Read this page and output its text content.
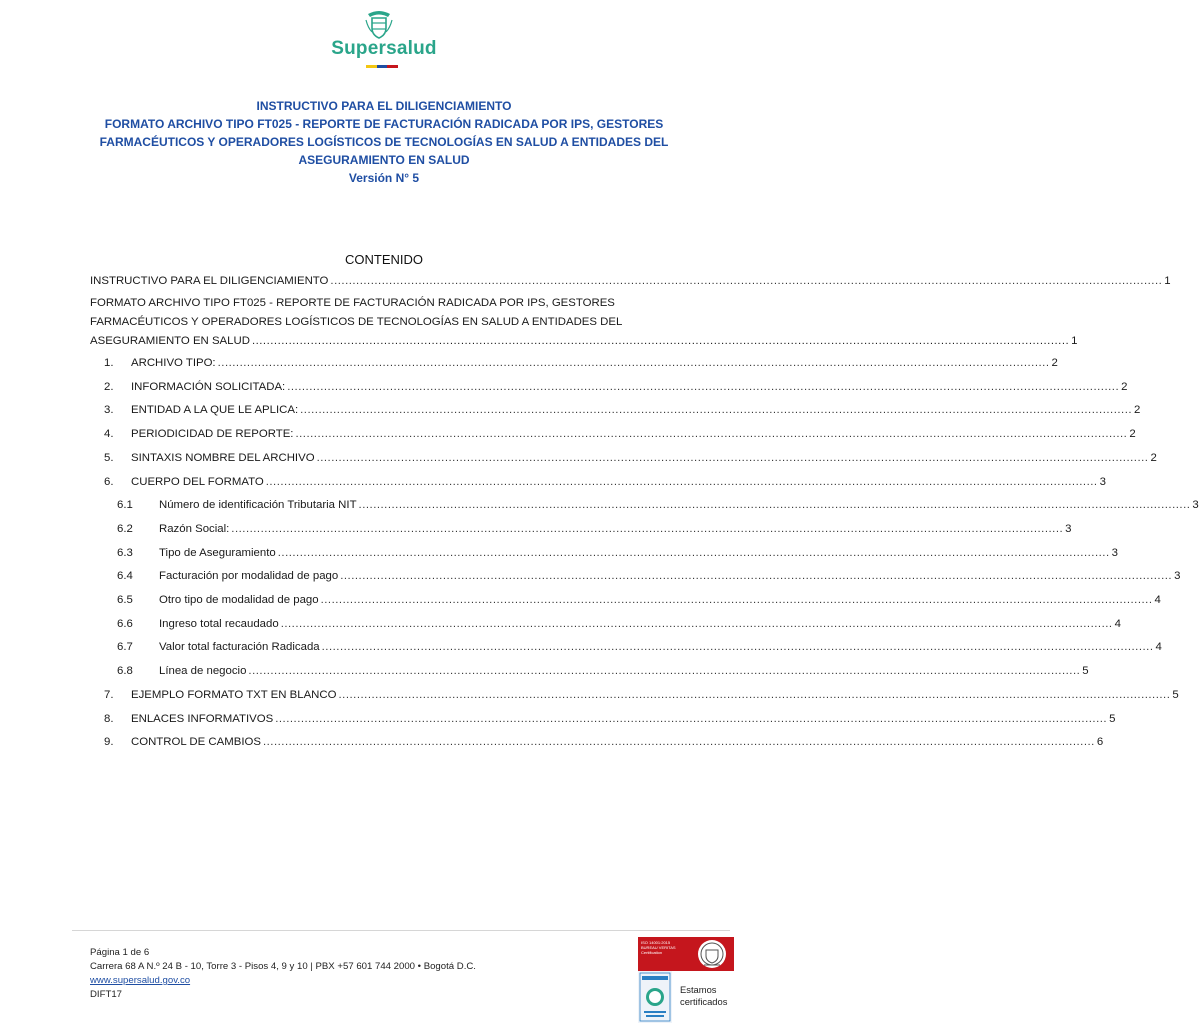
Supersalud
INSTRUCTIVO PARA EL DILIGENCIAMIENTO
FORMATO ARCHIVO TIPO FT025 - REPORTE DE FACTURACIÓN RADICADA POR IPS, GESTORES
FARMACÉUTICOS Y OPERADORES LOGÍSTICOS DE TECNOLOGÍAS EN SALUD A ENTIDADES DEL
ASEGURAMIENTO EN SALUD
Versión N° 5
CONTENIDO
INSTRUCTIVO PARA EL DILIGENCIAMIENTO .....	1
FORMATO ARCHIVO TIPO FT025 - REPORTE DE FACTURACIÓN RADICADA POR IPS, GESTORES
FARMACÉUTICOS Y OPERADORES LOGÍSTICOS DE TECNOLOGÍAS EN SALUD A ENTIDADES DEL
ASEGURAMIENTO EN SALUD ............................................................................................................................................................................................................................... 1
1.	ARCHIVO TIPO: .....	2
2.	INFORMACIÓN SOLICITADA: .....	2
3.	ENTIDAD A LA QUE LE APLICA: .....	2
4.	PERIODICIDAD DE REPORTE: .....	2
5.	SINTAXIS NOMBRE DEL ARCHIVO .....	2
6.	CUERPO DEL FORMATO .....	3
6.1	Número de identificación Tributaria NIT .....	3
6.2	Razón Social: .....	3
6.3	Tipo de Aseguramiento .....	3
6.4	Facturación por modalidad de pago .....	3
6.5	Otro tipo de modalidad de pago .....	4
6.6	Ingreso total recaudado .....	4
6.7	Valor total facturación Radicada .....	4
6.8	Línea de negocio .....	5
7.	EJEMPLO FORMATO TXT EN BLANCO .....	5
8.	ENLACES INFORMATIVOS .....	5
9.	CONTROL DE CAMBIOS .....	6
Página 1 de 6
Carrera 68 A N.º 24 B - 10, Torre 3 - Pisos 4, 9 y 10 | PBX +57 601 744 2000 • Bogotá D.C.
www.supersalud.gov.co
DIFT17
ISO 14001:2015
BUREAU VERITAS
Certification
Estamos
certificados
